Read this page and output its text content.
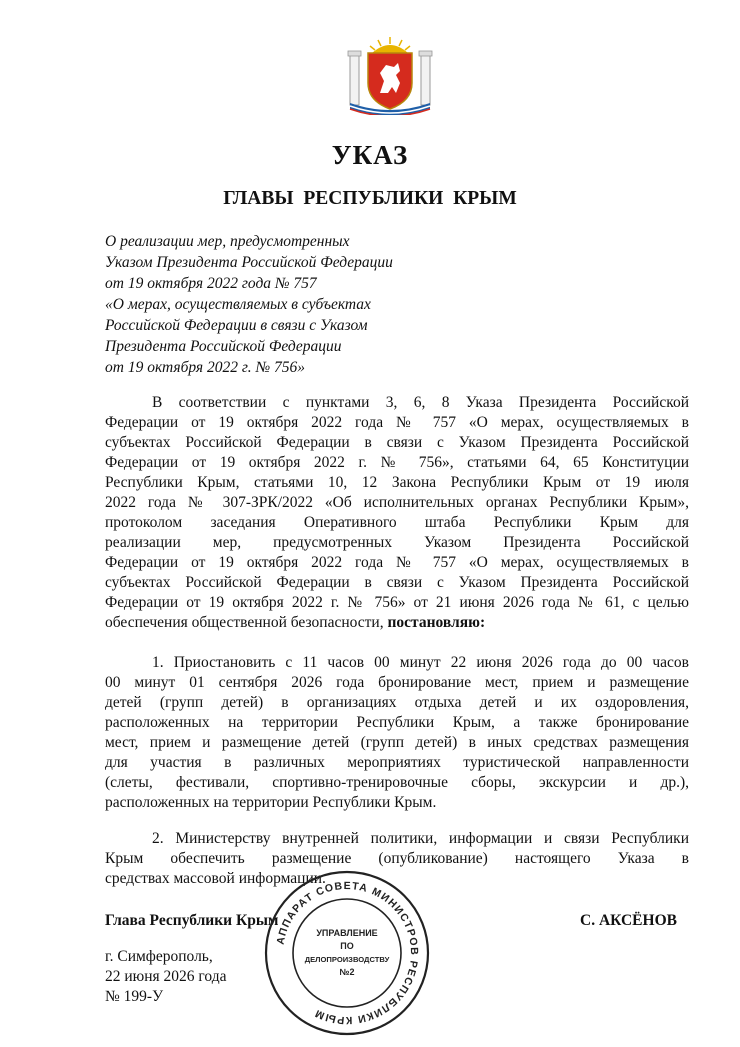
УКАЗ
ГЛАВЫ РЕСПУБЛИКИ КРЫМ
О реализации мер, предусмотренных
Указом Президента Российской Федерации
от 19 октября 2022 года № 757
«О мерах, осуществляемых в субъектах
Российской Федерации в связи с Указом
Президента Российской Федерации
от 19 октября 2022 г. № 756»
В соответствии с пунктами 3, 6, 8 Указа Президента Российской
Федерации от 19 октября 2022 года № 757 «О мерах, осуществляемых в
субъектах Российской Федерации в связи с Указом Президента Российской
Федерации от 19 октября 2022 г. № 756», статьями 64, 65 Конституции
Республики Крым, статьями 10, 12 Закона Республики Крым от 19 июля
2022 года № 307-ЗРК/2022 «Об исполнительных органах Республики Крым»,
протоколом заседания Оперативного штаба Республики Крым для
реализации мер, предусмотренных Указом Президента Российской
Федерации от 19 октября 2022 года № 757 «О мерах, осуществляемых в
субъектах Российской Федерации в связи с Указом Президента Российской
Федерации от 19 октября 2022 г. № 756» от 21 июня 2026 года № 61, с целью
обеспечения общественной безопасности, постановляю:
1. Приостановить с 11 часов 00 минут 22 июня 2026 года до 00 часов
00 минут 01 сентября 2026 года бронирование мест, прием и размещение
детей (групп детей) в организациях отдыха детей и их оздоровления,
расположенных на территории Республики Крым, а также бронирование
мест, прием и размещение детей (групп детей) в иных средствах размещения
для участия в различных мероприятиях туристической направленности
(слеты, фестивали, спортивно-тренировочные сборы, экскурсии и др.),
расположенных на территории Республики Крым.
2. Министерству внутренней политики, информации и связи Республики
Крым обеспечить размещение (опубликование) настоящего Указа в
средствах массовой информации.
Глава Республики Крым	С. АКСЁНОВ
г. Симферополь,
22 июня 2026 года
№ 199-У
АППАРАТ СОВЕТА МИНИСТРОВ РЕСПУБЛИКИ КРЫМ
УПРАВЛЕНИЕ
ПО
ДЕЛОПРОИЗВОДСТВУ
№2
